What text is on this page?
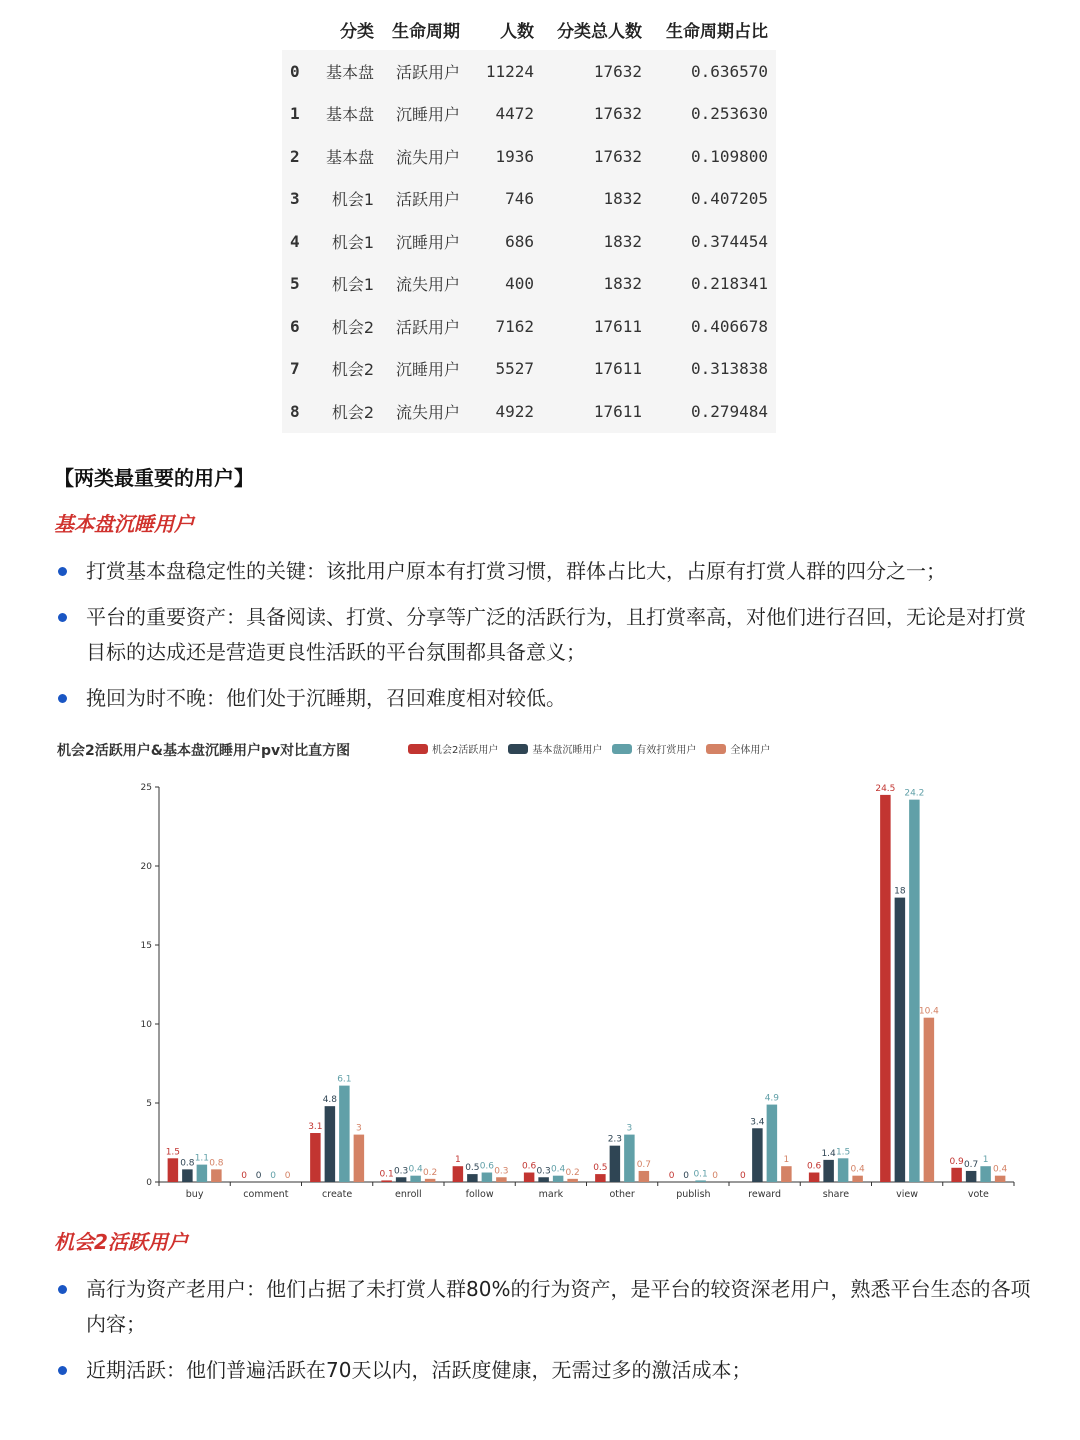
	分类	生命周期	人数	分类总人数	生命周期占比
0	基本盘	活跃用户	11224	17632	0.636570
1	基本盘	沉睡用户	4472	17632	0.253630
2	基本盘	流失用户	1936	17632	0.109800
3	机会1	活跃用户	746	1832	0.407205
4	机会1	沉睡用户	686	1832	0.374454
5	机会1	流失用户	400	1832	0.218341
6	机会2	活跃用户	7162	17611	0.406678
7	机会2	沉睡用户	5527	17611	0.313838
8	机会2	流失用户	4922	17611	0.279484
【两类最重要的用户】
基本盘沉睡用户
打赏基本盘稳定性的关键：该批用户原本有打赏习惯，群体占比大，占原有打赏人群的四分之一；
平台的重要资产：具备阅读、打赏、分享等广泛的活跃行为，且打赏率高，对他们进行召回，无论是对打赏目标的达成还是营造更良性活跃的平台氛围都具备意义；
挽回为时不晚：他们处于沉睡期，召回难度相对较低。
0
5
10
15
20
25
buy
1.5
0.8 1.1 0.8
comment
0 0 0 0
create
3.1
4.8
6.1
3
enroll
0.1 0.3 0.4 0.2
follow
1
0.5 0.6 0.3
mark
0.6 0.3 0.4 0.2
other
0.5
2.3
3
0.7
publish
0 0 0.1 0
reward
0
3.4
4.9
1
share
0.6
1.4 1.5
0.4
view
24.5
18
24.2
10.4
vote
0.9 0.7 1
0.4
机会2活跃用户&基本盘沉睡用户pv对比直方图	机会2活跃用户	基本盘沉睡用户	有效打赏用户	全体用户
机会2活跃用户
高行为资产老用户：他们占据了未打赏人群80%的行为资产，是平台的较资深老用户，熟悉平台生态的各项内容；
近期活跃：他们普遍活跃在70天以内，活跃度健康，无需过多的激活成本；
